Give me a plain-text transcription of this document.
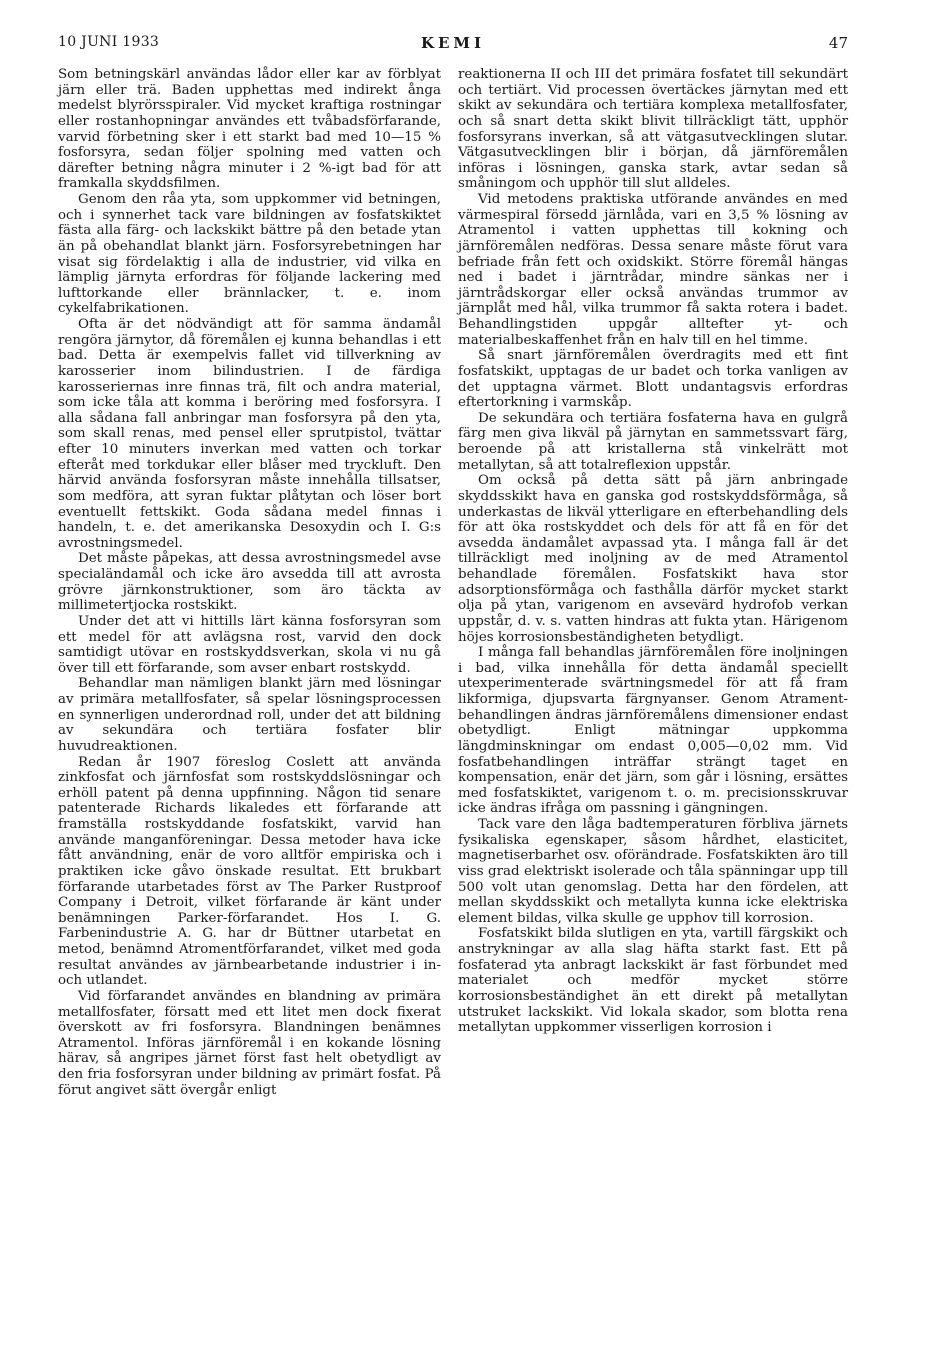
10 JUNI 1933	KEMI	47

Som betningskärl användas lådor eller kar av förblyat järn eller trä. Baden upphettas med indirekt ånga medelst blyrörsspiraler. Vid mycket kraftiga rostningar eller rostanhopningar användes ett tvåbadsförfarande, varvid förbetning sker i ett starkt bad med 10—15 % fosforsyra, sedan följer spolning med vatten och därefter betning några minuter i 2 %-igt bad för att framkalla skyddsfilmen.

Genom den råa yta, som uppkommer vid betningen, och i synnerhet tack vare bildningen av fosfatskiktet fästa alla färg- och lackskikt bättre på den betade ytan än på obehandlat blankt järn. Fosforsyrebetningen har visat sig fördelaktig i alla de industrier, vid vilka en lämplig järnyta erfordras för följande lackering med lufttorkande eller brännlacker, t. e. inom cykelfabrikationen.

Ofta är det nödvändigt att för samma ändamål rengöra järnytor, då föremålen ej kunna behandlas i ett bad. Detta är exempelvis fallet vid tillverkning av karosserier inom bilindustrien. I de färdiga karosseriernas inre finnas trä, filt och andra material, som icke tåla att komma i beröring med fosforsyra. I alla sådana fall anbringar man fosforsyra på den yta, som skall renas, med pensel eller sprutpistol, tvättar efter 10 minuters inverkan med vatten och torkar efteråt med torkdukar eller blåser med tryckluft. Den härvid använda fosforsyran måste innehålla tillsatser, som medföra, att syran fuktar plåtytan och löser bort eventuellt fettskikt. Goda sådana medel finnas i handeln, t. e. det amerikanska Desoxydin och I. G:s avrostningsmedel.

Det måste påpekas, att dessa avrostningsmedel avse specialändamål och icke äro avsedda till att avrosta grövre järnkonstruktioner, som äro täckta av millimetertjocka rostskikt.

Under det att vi hittills lärt känna fosforsyran som ett medel för att avlägsna rost, varvid den dock samtidigt utövar en rostskyddsverkan, skola vi nu gå över till ett förfarande, som avser enbart rostskydd.

Behandlar man nämligen blankt järn med lösningar av primära metallfosfater, så spelar lösningsprocessen en synnerligen underordnad roll, under det att bildning av sekundära och tertiära fosfater blir huvudreaktionen.

Redan år 1907 föreslog Coslett att använda zinkfosfat och järnfosfat som rostskyddslösningar och erhöll patent på denna uppfinning. Någon tid senare patenterade Richards likaledes ett förfarande att framställa rostskyddande fosfatskikt, varvid han använde manganföreningar. Dessa metoder hava icke fått användning, enär de voro alltför empiriska och i praktiken icke gåvo önskade resultat. Ett brukbart förfarande utarbetades först av The Parker Rustproof Company i Detroit, vilket förfarande är känt under benämningen Parker-förfarandet. Hos I. G. Farbenindustrie A. G. har dr Büttner utarbetat en metod, benämnd Atromentförfarandet, vilket med goda resultat användes av järnbearbetande industrier i in- och utlandet.

Vid förfarandet användes en blandning av primära metallfosfater, försatt med ett litet men dock fixerat överskott av fri fosforsyra. Blandningen benämnes Atramentol. Införas järnföremål i en kokande lösning härav, så angripes järnet först fast helt obetydligt av den fria fosforsyran under bildning av primärt fosfat. På förut angivet sätt övergår enligt

reaktionerna II och III det primära fosfatet till sekundärt och tertiärt. Vid processen övertäckes järnytan med ett skikt av sekundära och tertiära komplexa metallfosfater, och så snart detta skikt blivit tillräckligt tätt, upphör fosforsyrans inverkan, så att vätgasutvecklingen slutar. Vätgasutvecklingen blir i början, då järnföremålen införas i lösningen, ganska stark, avtar sedan så småningom och upphör till slut alldeles.

Vid metodens praktiska utförande användes en med värmespiral försedd järnlåda, vari en 3,5 % lösning av Atramentol i vatten upphettas till kokning och järnföremålen nedföras. Dessa senare måste förut vara befriade från fett och oxidskikt. Större föremål hängas ned i badet i järntrådar, mindre sänkas ner i järntrådskorgar eller också användas trummor av järnplåt med hål, vilka trummor få sakta rotera i badet. Behandlingstiden uppgår alltefter yt- och materialbeskaffenhet från en halv till en hel timme.

Så snart järnföremålen överdragits med ett fint fosfatskikt, upptagas de ur badet och torka vanligen av det upptagna värmet. Blott undantagsvis erfordras eftertorkning i varmskåp.

De sekundära och tertiära fosfaterna hava en gulgrå färg men giva likväl på järnytan en sammetssvart färg, beroende på att kristallerna stå vinkelrätt mot metallytan, så att totalreflexion uppstår.

Om också på detta sätt på järn anbringade skyddsskikt hava en ganska god rostskyddsförmåga, så underkastas de likväl ytterligare en efterbehandling dels för att öka rostskyddet och dels för att få en för det avsedda ändamålet avpassad yta. I många fall är det tillräckligt med inoljning av de med Atramentol behandlade föremålen. Fosfatskikt hava stor adsorptionsförmåga och fasthålla därför mycket starkt olja på ytan, varigenom en avsevärd hydrofob verkan uppstår, d. v. s. vatten hindras att fukta ytan. Härigenom höjes korrosionsbeständigheten betydligt.

I många fall behandlas järnföremålen före inoljningen i bad, vilka innehålla för detta ändamål speciellt utexperimenterade svärtningsmedel för att få fram likformiga, djupsvarta färgnyanser. Genom Atrament-behandlingen ändras järnföremålens dimensioner endast obetydligt. Enligt mätningar uppkomma längdminskningar om endast 0,005—0,02 mm. Vid fosfatbehandlingen inträffar strängt taget en kompensation, enär det järn, som går i lösning, ersättes med fosfatskiktet, varigenom t. o. m. precisionsskruvar icke ändras ifråga om passning i gängningen.

Tack vare den låga badtemperaturen förbliva järnets fysikaliska egenskaper, såsom hårdhet, elasticitet, magnetiserbarhet osv. oförändrade. Fosfatskikten äro till viss grad elektriskt isolerade och tåla spänningar upp till 500 volt utan genomslag. Detta har den fördelen, att mellan skyddsskikt och metallyta kunna icke elektriska element bildas, vilka skulle ge upphov till korrosion.

Fosfatskikt bilda slutligen en yta, vartill färgskikt och anstrykningar av alla slag häfta starkt fast. Ett på fosfaterad yta anbragt lackskikt är fast förbundet med materialet och medför mycket större korrosionsbeständighet än ett direkt på metallytan utstruket lackskikt. Vid lokala skador, som blotta rena metallytan uppkommer visserligen korrosion i
